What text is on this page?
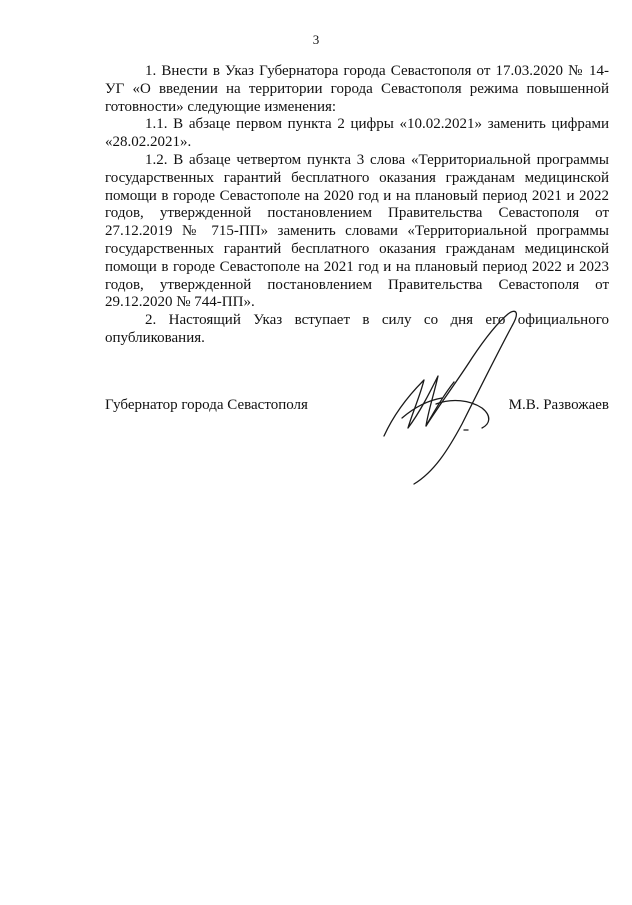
3

1. Внести в Указ Губернатора города Севастополя от 17.03.2020 № 14-УГ «О введении на территории города Севастополя режима повышенной готовности» следующие изменения:

1.1. В абзаце первом пункта 2 цифры «10.02.2021» заменить цифрами «28.02.2021».

1.2. В абзаце четвертом пункта 3 слова «Территориальной программы государственных гарантий бесплатного оказания гражданам медицинской помощи в городе Севастополе на 2020 год и на плановый период 2021 и 2022 годов, утвержденной постановлением Правительства Севастополя от 27.12.2019 № 715-ПП» заменить словами «Территориальной программы государственных гарантий бесплатного оказания гражданам медицинской помощи в городе Севастополе на 2021 год и на плановый период 2022 и 2023 годов, утвержденной постановлением Правительства Севастополя от 29.12.2020 № 744-ПП».

2. Настоящий Указ вступает в силу со дня его официального опубликования.

Губернатор города Севастополя	М.В. Развожаев
